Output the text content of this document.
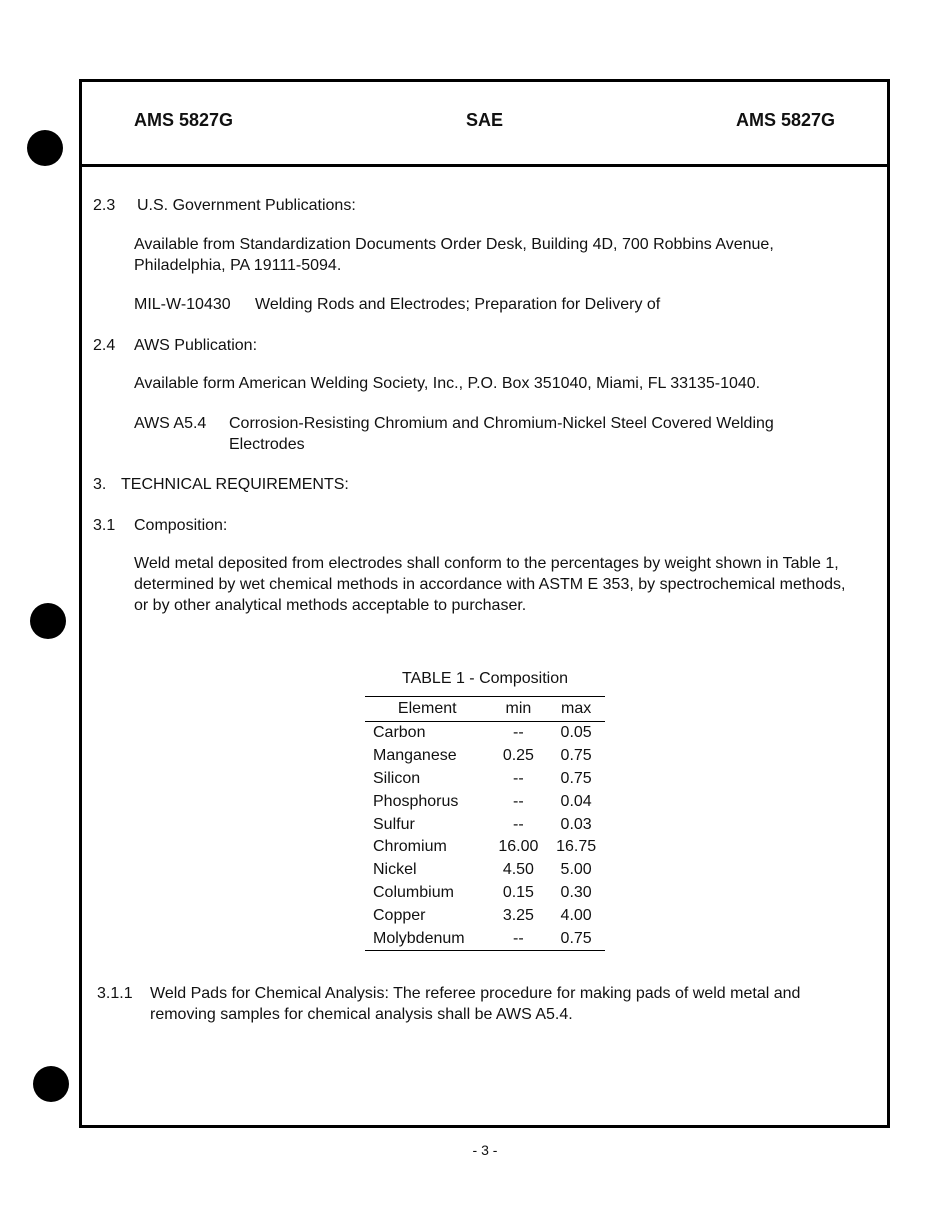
AMS 5827G	SAE	AMS 5827G
2.3 U.S. Government Publications:
Available from Standardization Documents Order Desk, Building 4D, 700 Robbins Avenue,
Philadelphia, PA 19111-5094.
MIL-W-10430 Welding Rods and Electrodes; Preparation for Delivery of
2.4 AWS Publication:
Available form American Welding Society, Inc., P.O. Box 351040, Miami, FL 33135-1040.
AWS A5.4 Corrosion-Resisting Chromium and Chromium-Nickel Steel Covered Welding
Electrodes
3. TECHNICAL REQUIREMENTS:
3.1 Composition:
Weld metal deposited from electrodes shall conform to the percentages by weight shown in Table 1,
determined by wet chemical methods in accordance with ASTM E 353, by spectrochemical methods,
or by other analytical methods acceptable to purchaser.
TABLE 1 - Composition
Element	min	max
Carbon	--	0.05
Manganese	0.25	0.75
Silicon	--	0.75
Phosphorus	--	0.04
Sulfur	--	0.03
Chromium	16.00	16.75
Nickel	4.50	5.00
Columbium	0.15	0.30
Copper	3.25	4.00
Molybdenum	--	0.75
3.1.1 Weld Pads for Chemical Analysis: The referee procedure for making pads of weld metal and
removing samples for chemical analysis shall be AWS A5.4.
- 3 -
